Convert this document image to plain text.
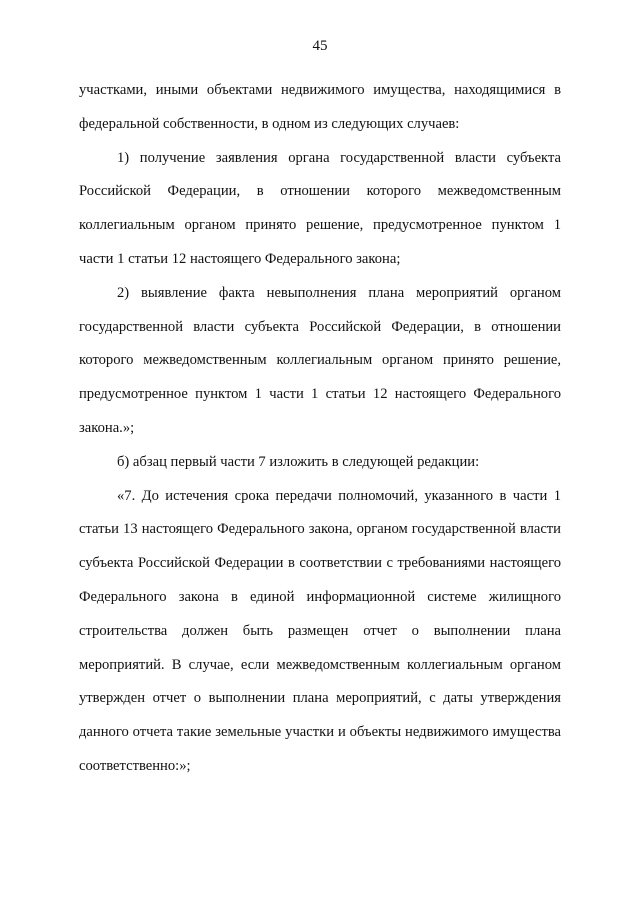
45

участками, иными объектами недвижимого имущества, находящимися в федеральной собственности, в одном из следующих случаев:

1) получение заявления органа государственной власти субъекта Российской Федерации, в отношении которого межведомственным коллегиальным органом принято решение, предусмотренное пунктом 1 части 1 статьи 12 настоящего Федерального закона;

2) выявление факта невыполнения плана мероприятий органом государственной власти субъекта Российской Федерации, в отношении которого межведомственным коллегиальным органом принято решение, предусмотренное пунктом 1 части 1 статьи 12 настоящего Федерального закона.»;

б) абзац первый части 7 изложить в следующей редакции:

«7. До истечения срока передачи полномочий, указанного в части 1 статьи 13 настоящего Федерального закона, органом государственной власти субъекта Российской Федерации в соответствии с требованиями настоящего Федерального закона в единой информационной системе жилищного строительства должен быть размещен отчет о выполнении плана мероприятий. В случае, если межведомственным коллегиальным органом утвержден отчет о выполнении плана мероприятий, с даты утверждения данного отчета такие земельные участки и объекты недвижимого имущества соответственно:»;
